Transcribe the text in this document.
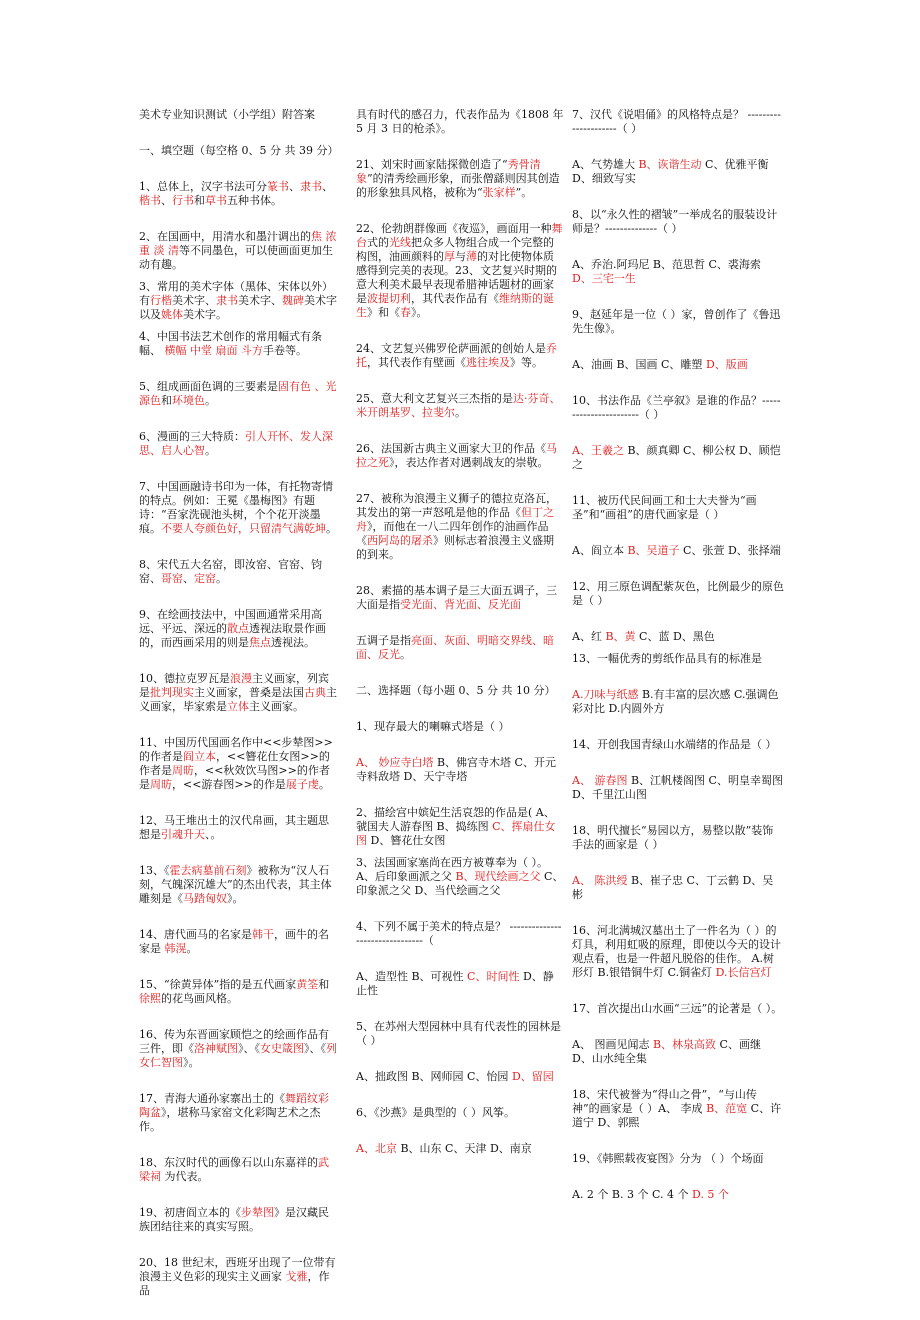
美术专业知识测试（小学组）附答案
一、填空题（每空格 0、5 分 共 39 分）
1、总体上，汉字书法可分篆书、隶书、楷书、行书和草书五种书体。
2、在国画中，用清水和墨汁调出的焦 浓 重 淡 清等不同墨色，可以使画面更加生动有趣。
3、常用的美术字体（黑体、宋体以外）有行楷美术字、隶书美术字、魏碑美术字以及姚体美术字。
4、中国书法艺术创作的常用幅式有条幅、 横幅 中堂 扇面 斗方手卷等。
5、组成画面色调的三要素是固有色 、光源色和环境色。
6、漫画的三大特质：引人开怀、发人深思、启人心智。
7、中国画融诗书印为一体，有托物寄情的特点。例如：王冕《墨梅图》有题诗：“吾家洗砚池头树，个个花开淡墨痕。不要人夸颜色好，只留清气满乾坤。
8、宋代五大名窑，即汝窑、官窑、钧窑、哥窑、定窑。
9、在绘画技法中，中国画通常采用高远、平远、深远的散点透视法取景作画的，而西画采用的则是焦点透视法。
10、德拉克罗瓦是浪漫主义画家，列宾是批判现实主义画家，普桑是法国古典主义画家，毕家索是立体主义画家。
11、中国历代国画名作中<<步辇图>>的作者是阎立本，<<簪花仕女图>>的作者是周昉，<<秋效饮马图>>的作者是周昉，<<游春图>>的作是展子虔。
12、马王堆出土的汉代帛画，其主题思想是引魂升天、。
13、《霍去病墓前石刻》被称为“汉人石刻，气魄深沉雄大”的杰出代表，其主体雕刻是《马踏匈奴》。
14、唐代画马的名家是韩干，画牛的名家是 韩滉。
15、“徐黄异体”指的是五代画家黄筌和徐熙的花鸟画风格。
16、传为东晋画家顾恺之的绘画作品有三件，即《洛神赋图》、《女史箴图》、《列女仁智图》。
17、青海大通孙家寨出土的《舞蹈纹彩陶盆》，堪称马家窑文化彩陶艺术之杰作。
18、东汉时代的画像石以山东嘉祥的武梁祠 为代表。
19、初唐阎立本的《步辇图》是汉藏民族团结往来的真实写照。
20、18 世纪末，西班牙出现了一位带有浪漫主义色彩的现实主义画家 戈雅，作品
具有时代的感召力，代表作品为《1808 年 5 月 3 日的枪杀》。
21、刘宋时画家陆探微创造了“秀骨清象”的清秀绘画形象，而张僧繇则因其创造的形象独具风格，被称为“张家样”。
22、伦勃朗群像画《夜巡》，画面用一种舞台式的光线把众多人物组合成一个完整的构图，油画颜料的厚与薄的对比使物体质感得到完美的表现。23、文艺复兴时期的意大利美术最早表现希腊神话题材的画家是波提切利，其代表作品有《维纳斯的诞生》和《春》。
24、文艺复兴佛罗伦萨画派的创始人是乔托，其代表作有壁画《逃往埃及》等。
25、意大利文艺复兴三杰指的是达·芬奇、米开朗基罗、拉斐尔。
26、法国新古典主义画家大卫的作品《马拉之死》，表达作者对遇刺战友的崇敬。
27、被称为浪漫主义狮子的德拉克洛瓦，其发出的第一声怒吼是他的作品《但丁之舟》，而他在一八二四年创作的油画作品《西阿岛的屠杀》则标志着浪漫主义盛期的到来。
28、素描的基本调子是三大面五调子，三大面是指受光面、背光面、反光面
五调子是指亮面、灰面、明暗交界线、暗面、反光。
二、选择题（每小题 0、5 分 共 10 分）
1、现存最大的喇嘛式塔是（ ）
A、 妙应寺白塔 B、佛宫寺木塔 C、开元寺料敌塔 D、天宁寺塔
2、描绘宫中嫔妃生活哀怨的作品是( A、 虢国夫人游春图 B、捣练图 C、挥扇仕女图 D、簪花仕女图
3、法国画家塞尚在西方被尊奉为（ ）。 A、后印象画派之父 B、现代绘画之父 C、印象派之父 D、当代绘画之父
4、下列不属于美术的特点是？ --------------------------------（
A、造型性 B、可视性 C、时间性 D、静止性
5、在苏州大型园林中具有代表性的园林是（ ）
A、拙政图 B、网师园 C、怡园 D、留园
6、《沙燕》是典型的（ ）风筝。
A、北京 B、山东 C、天津 D、南京
7、汉代《说唱俑》的风格特点是？ ---------------------（ ）
A、气势雄大 B、诙谐生动 C、优雅平衡 D、细致写实
8、以“永久性的褶皱”一举成名的服装设计师是？--------------（ ）
A、乔治.阿玛尼 B、范思哲 C、裘海索 D、三宅一生
9、赵延年是一位（ ）家，曾创作了《鲁迅先生像》。
A、油画 B、国画 C、雕塑 D、版画
10、书法作品《兰亭叙》是谁的作品？-----------------------（ ）
A、王羲之 B、颜真卿 C、柳公权 D、顾恺之
11、被历代民间画工和士大夫誉为“画圣”和“画祖”的唐代画家是（ ）
A、阎立本 B、吴道子 C、张萱 D、张择端
12、用三原色调配紫灰色，比例最少的原色是（ ）
A、红 B、黄 C、蓝 D、黑色
13、一幅优秀的剪纸作品具有的标准是
A.刀味与纸感 B.有丰富的层次感 C.强调色彩对比 D.内圆外方
14、开创我国青绿山水端绪的作品是（ ）
A、 游春图 B、江帆楼阁图 C、明皇幸蜀图 D、千里江山图
18、明代擅长“易园以方，易整以散”装饰手法的画家是（ ）
A、 陈洪绶 B、崔子忠 C、丁云鹤 D、吴彬
16、河北满城汉墓出土了一件名为（ ）的灯具，利用虹吸的原理，即使以今天的设计观点看，也是一件超凡脱俗的佳作。 A.树形灯 B.银错铜牛灯 C.铜雀灯 D.长信宫灯
17、首次提出山水画“三远”的论著是（ ）。
A、 图画见闻志 B、林泉高致 C、画继 D、山水纯全集
18、宋代被誉为“得山之骨”，“与山传神”的画家是（ ）A、 李成 B、范宽 C、许道宁 D、郭熙
19、《韩熙载夜宴图》分为 （ ）个场面
A. 2 个 B. 3 个 C. 4 个 D. 5 个
